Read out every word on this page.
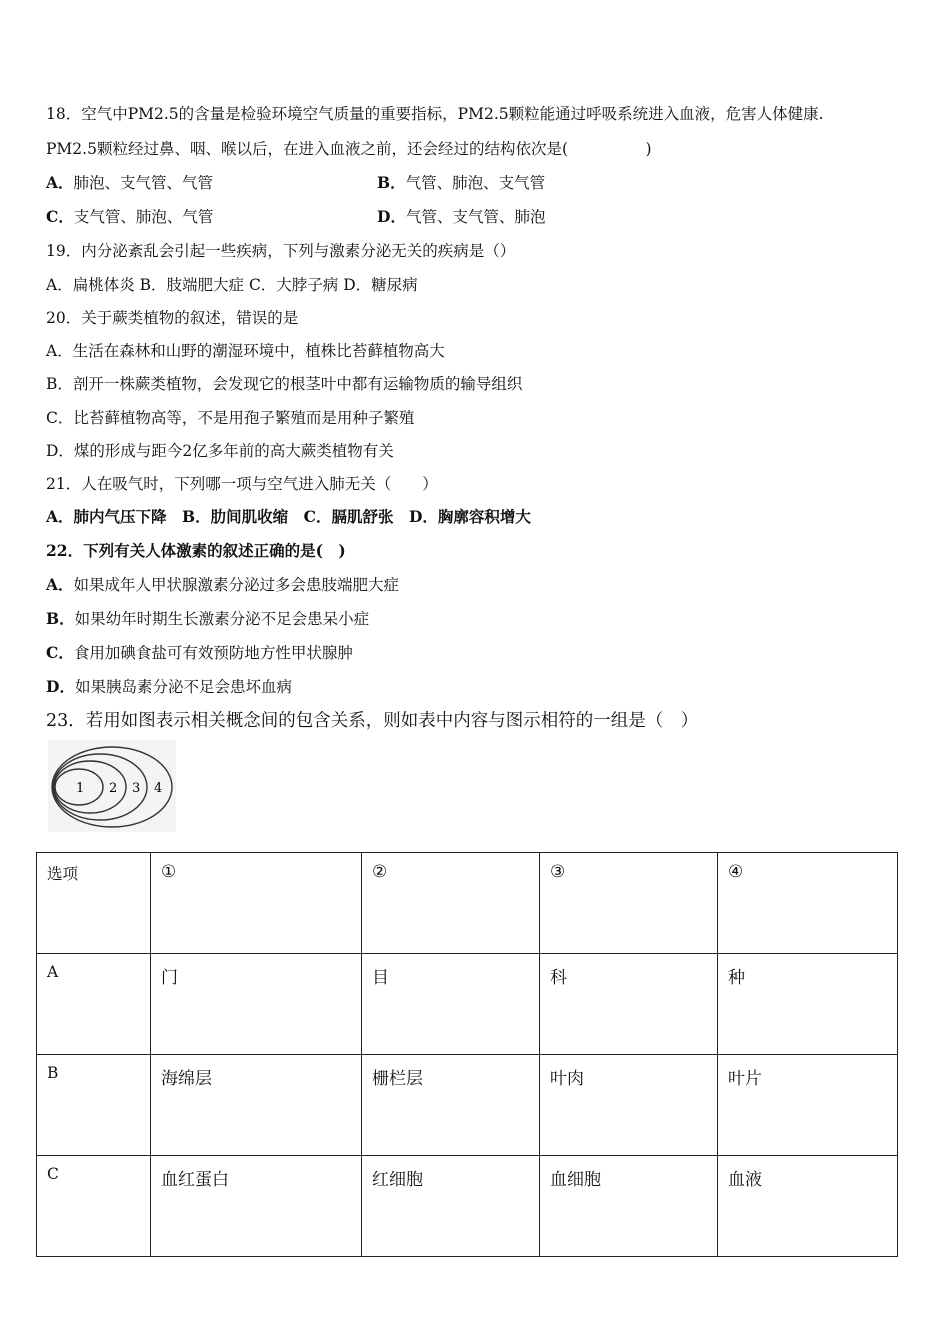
18．空气中PM2.5的含量是检验环境空气质量的重要指标，PM2.5颗粒能通过呼吸系统进入血液，危害人体健康.
PM2.5颗粒经过鼻、咽、喉以后，在进入血液之前，还会经过的结构依次是(　　　　　)
A．肺泡、支气管、气管	B．气管、肺泡、支气管
C．支气管、肺泡、气管	D．气管、支气管、肺泡
19．内分泌紊乱会引起一些疾病，下列与激素分泌无关的疾病是（）
A．扁桃体炎 B．肢端肥大症 C．大脖子病 D．糖尿病
20．关于蕨类植物的叙述，错误的是
A．生活在森林和山野的潮湿环境中，植株比苔藓植物高大
B．剖开一株蕨类植物，会发现它的根茎叶中都有运输物质的输导组织
C．比苔藓植物高等，不是用孢子繁殖而是用种子繁殖
D．煤的形成与距今2亿多年前的高大蕨类植物有关
21．人在吸气时，下列哪一项与空气进入肺无关（　　）
A．肺内气压下降　B．肋间肌收缩　C．膈肌舒张　D．胸廓容积增大
22．下列有关人体激素的叙述正确的是(　)
A．如果成年人甲状腺激素分泌过多会患肢端肥大症
B．如果幼年时期生长激素分泌不足会患呆小症
C．食用加碘食盐可有效预防地方性甲状腺肿
D．如果胰岛素分泌不足会患坏血病
23．若用如图表示相关概念间的包含关系，则如表中内容与图示相符的一组是（　）
1 2 3 4
选项	①	②	③	④
A	门	目	科	种
B	海绵层	栅栏层	叶肉	叶片
C	血红蛋白	红细胞	血细胞	血液
